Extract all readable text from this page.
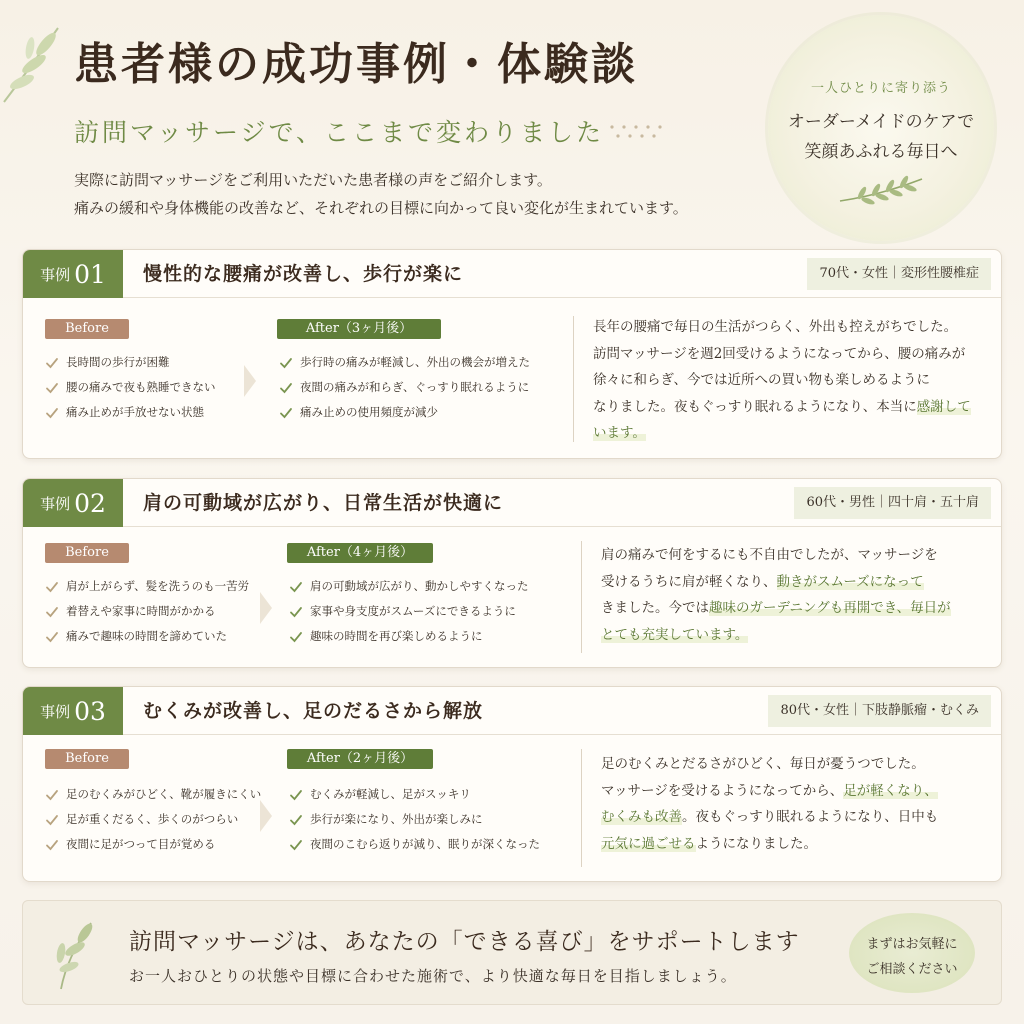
患者様の成功事例・体験談
訪問マッサージで、ここまで変わりました
実際に訪問マッサージをご利用いただいた患者様の声をご紹介します。
痛みの緩和や身体機能の改善など、それぞれの目標に向かって良い変化が生まれています。
一人ひとりに寄り添う
オーダーメイドのケアで
笑顔あふれる毎日へ
事例 01 慢性的な腰痛が改善し、歩行が楽に	70代・女性｜変形性腰椎症
Before
長時間の歩行が困難
腰の痛みで夜も熟睡できない
痛み止めが手放せない状態
After（3ヶ月後）
歩行時の痛みが軽減し、外出の機会が増えた
夜間の痛みが和らぎ、ぐっすり眠れるように
痛み止めの使用頻度が減少

長年の腰痛で毎日の生活がつらく、外出も控えがちでした。

訪問マッサージを週2回受けるようになってから、腰の痛みが

徐々に和らぎ、今では近所への買い物も楽しめるように

なりました。夜もぐっすり眠れるようになり、本当に感謝して

います。

事例 02 肩の可動域が広がり、日常生活が快適に	60代・男性｜四十肩・五十肩
Before
肩が上がらず、髪を洗うのも一苦労
着替えや家事に時間がかかる
痛みで趣味の時間を諦めていた
After（4ヶ月後）
肩の可動域が広がり、動かしやすくなった
家事や身支度がスムーズにできるように
趣味の時間を再び楽しめるように

肩の痛みで何をするにも不自由でしたが、マッサージを

受けるうちに肩が軽くなり、動きがスムーズになって

きました。今では趣味のガーデニングも再開でき、毎日が

とても充実しています。

事例 03 むくみが改善し、足のだるさから解放	80代・女性｜下肢静脈瘤・むくみ
Before
足のむくみがひどく、靴が履きにくい
足が重くだるく、歩くのがつらい
夜間に足がつって目が覚める
After（2ヶ月後）
むくみが軽減し、足がスッキリ
歩行が楽になり、外出が楽しみに
夜間のこむら返りが減り、眠りが深くなった

足のむくみとだるさがひどく、毎日が憂うつでした。

マッサージを受けるようになってから、足が軽くなり、

むくみも改善。夜もぐっすり眠れるようになり、日中も

元気に過ごせるようになりました。

訪問マッサージは、あなたの「できる喜び」をサポートします
お一人おひとりの状態や目標に合わせた施術で、より快適な毎日を目指しましょう。
まずはお気軽に
ご相談ください
